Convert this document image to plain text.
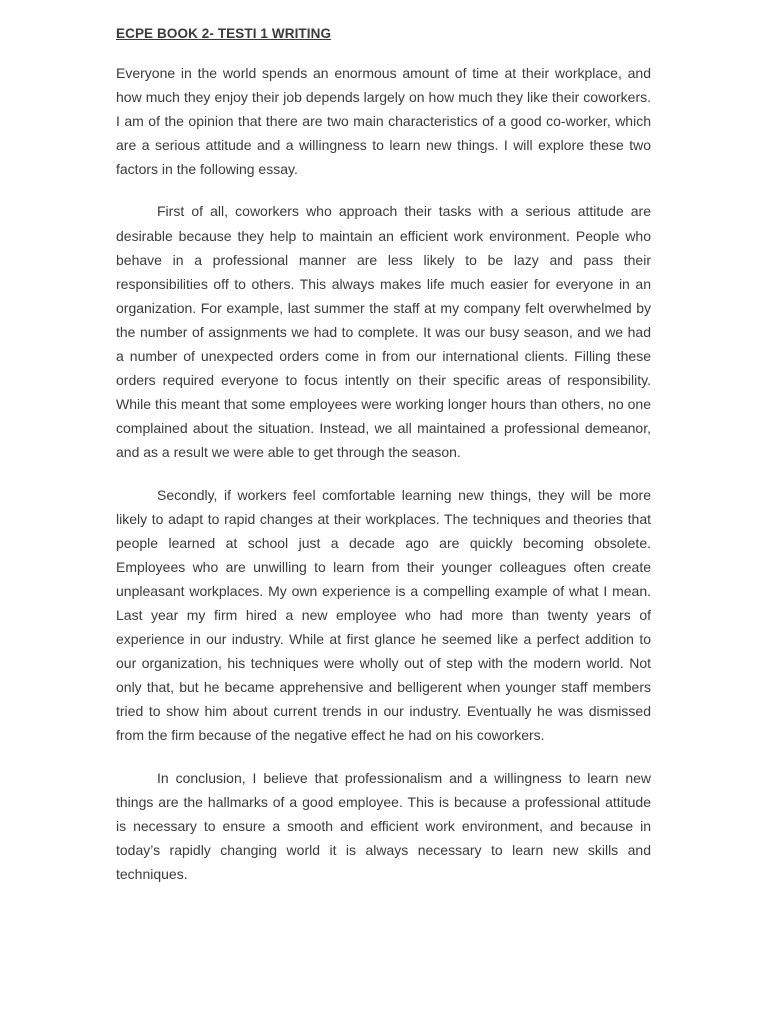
ECPE BOOK 2- TESTI 1 WRITING

Everyone in the world spends an enormous amount of time at their workplace, and how much they enjoy their job depends largely on how much they like their coworkers. I am of the opinion that there are two main characteristics of a good co-worker, which are a serious attitude and a willingness to learn new things. I will explore these two factors in the following essay.

First of all, coworkers who approach their tasks with a serious attitude are desirable because they help to maintain an efficient work environment. People who behave in a professional manner are less likely to be lazy and pass their responsibilities off to others. This always makes life much easier for everyone in an organization. For example, last summer the staff at my company felt overwhelmed by the number of assignments we had to complete. It was our busy season, and we had a number of unexpected orders come in from our international clients. Filling these orders required everyone to focus intently on their specific areas of responsibility. While this meant that some employees were working longer hours than others, no one complained about the situation. Instead, we all maintained a professional demeanor, and as a result we were able to get through the season.

Secondly, if workers feel comfortable learning new things, they will be more likely to adapt to rapid changes at their workplaces. The techniques and theories that people learned at school just a decade ago are quickly becoming obsolete. Employees who are unwilling to learn from their younger colleagues often create unpleasant workplaces. My own experience is a compelling example of what I mean. Last year my firm hired a new employee who had more than twenty years of experience in our industry. While at first glance he seemed like a perfect addition to our organization, his techniques were wholly out of step with the modern world. Not only that, but he became apprehensive and belligerent when younger staff members tried to show him about current trends in our industry. Eventually he was dismissed from the firm because of the negative effect he had on his coworkers.

In conclusion, I believe that professionalism and a willingness to learn new things are the hallmarks of a good employee. This is because a professional attitude is necessary to ensure a smooth and efficient work environment, and because in today’s rapidly changing world it is always necessary to learn new skills and techniques.
